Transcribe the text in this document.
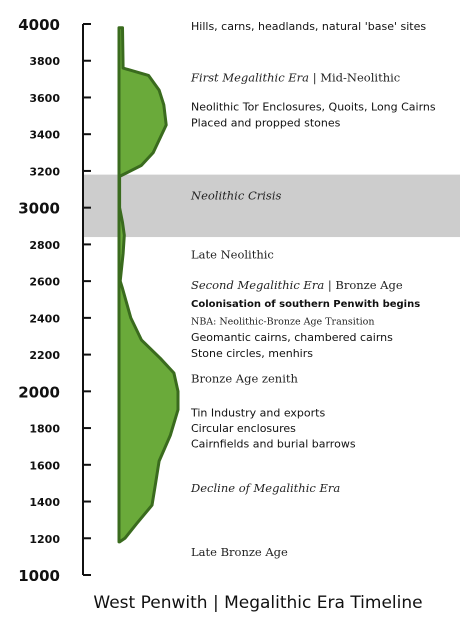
4000
3800
3600
3400
3200
3000
2800
2600
2400
2200
2000
1800
1600
1400
1200
1000
Hills, carns, headlands, natural 'base' sites
First Megalithic Era | Mid-Neolithic
Neolithic Tor Enclosures, Quoits, Long Cairns
Placed and propped stones
Neolithic Crisis
Late Neolithic
Second Megalithic Era | Bronze Age
Colonisation of southern Penwith begins
NBA: Neolithic-Bronze Age Transition
Geomantic cairns, chambered cairns
Stone circles, menhirs
Bronze Age zenith
Tin Industry and exports
Circular enclosures
Cairnfields and burial barrows
Decline of Megalithic Era
Late Bronze Age
West Penwith | Megalithic Era Timeline
